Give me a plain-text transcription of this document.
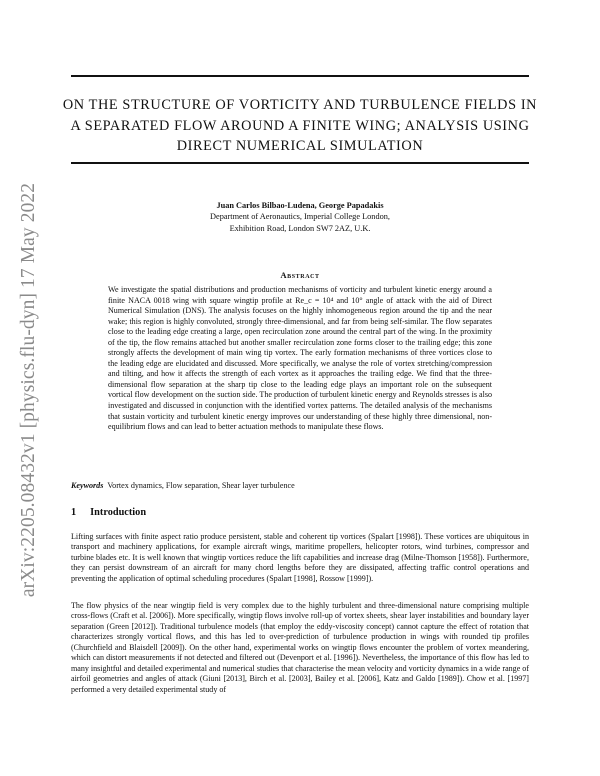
arXiv:2205.08432v1 [physics.flu-dyn] 17 May 2022
ON THE STRUCTURE OF VORTICITY AND TURBULENCE FIELDS IN A SEPARATED FLOW AROUND A FINITE WING; ANALYSIS USING DIRECT NUMERICAL SIMULATION
Juan Carlos Bilbao-Ludena, George Papadakis
Department of Aeronautics, Imperial College London,
Exhibition Road, London SW7 2AZ, U.K.
Abstract

We investigate the spatial distributions and production mechanisms of vorticity and turbulent kinetic energy around a finite NACA 0018 wing with square wingtip profile at Re_c = 10⁴ and 10° angle of attack with the aid of Direct Numerical Simulation (DNS). The analysis focuses on the highly inhomogeneous region around the tip and the near wake; this region is highly convoluted, strongly three-dimensional, and far from being self-similar. The flow separates close to the leading edge creating a large, open recirculation zone around the central part of the wing. In the proximity of the tip, the flow remains attached but another smaller recirculation zone forms closer to the trailing edge; this zone strongly affects the development of main wing tip vortex. The early formation mechanisms of three vortices close to the leading edge are elucidated and discussed. More specifically, we analyse the role of vortex stretching/compression and tilting, and how it affects the strength of each vortex as it approaches the trailing edge. We find that the three-dimensional flow separation at the sharp tip close to the leading edge plays an important role on the subsequent vortical flow development on the suction side. The production of turbulent kinetic energy and Reynolds stresses is also investigated and discussed in conjunction with the identified vortex patterns. The detailed analysis of the mechanisms that sustain vorticity and turbulent kinetic energy improves our understanding of these highly three dimensional, non-equilibrium flows and can lead to better actuation methods to manipulate these flows.

Keywords Vortex dynamics, Flow separation, Shear layer turbulence
1 Introduction

Lifting surfaces with finite aspect ratio produce persistent, stable and coherent tip vortices (Spalart [1998]). These vortices are ubiquitous in transport and machinery applications, for example aircraft wings, maritime propellers, helicopter rotors, wind turbines, compressor and turbine blades etc. It is well known that wingtip vortices reduce the lift capabilities and increase drag (Milne-Thomson [1958]). Furthermore, they can persist downstream of an aircraft for many chord lengths before they are dissipated, affecting traffic control operations and preventing the application of optimal scheduling procedures (Spalart [1998], Rossow [1999]).

The flow physics of the near wingtip field is very complex due to the highly turbulent and three-dimensional nature comprising multiple cross-flows (Craft et al. [2006]). More specifically, wingtip flows involve roll-up of vortex sheets, shear layer instabilities and boundary layer separation (Green [2012]). Traditional turbulence models (that employ the eddy-viscosity concept) cannot capture the effect of rotation that characterizes strongly vortical flows, and this has led to over-prediction of turbulence production in wings with rounded tip profiles (Churchfield and Blaisdell [2009]). On the other hand, experimental works on wingtip flows encounter the problem of vortex meandering, which can distort measurements if not detected and filtered out (Devenport et al. [1996]). Nevertheless, the importance of this flow has led to many insightful and detailed experimental and numerical studies that characterise the mean velocity and vorticity dynamics in a wide range of airfoil geometries and angles of attack (Giuni [2013], Birch et al. [2003], Bailey et al. [2006], Katz and Galdo [1989]). Chow et al. [1997] performed a very detailed experimental study of
